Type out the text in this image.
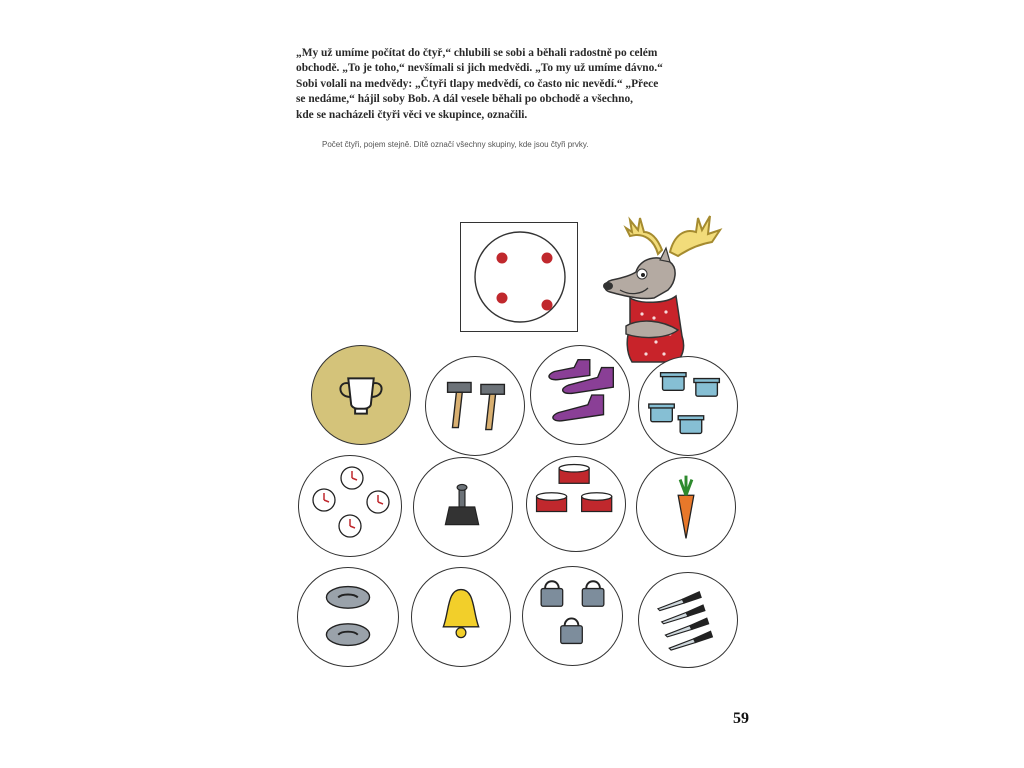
„My už umíme počítat do čtyř,“ chlubili se sobi a běhali radostně po celém
obchodě. „To je toho,“ nevšímali si jich medvědi. „To my už umíme dávno.“
Sobi volali na medvědy: „Čtyři tlapy medvědí, co často nic nevědí.“ „Přece
se nedáme,“ hájil soby Bob. A dál vesele běhali po obchodě a všechno,
kde se nacházeli čtyři věci ve skupince, označili.

Počet čtyři, pojem stejně. Dítě označí všechny skupiny, kde jsou čtyři prvky.

59
